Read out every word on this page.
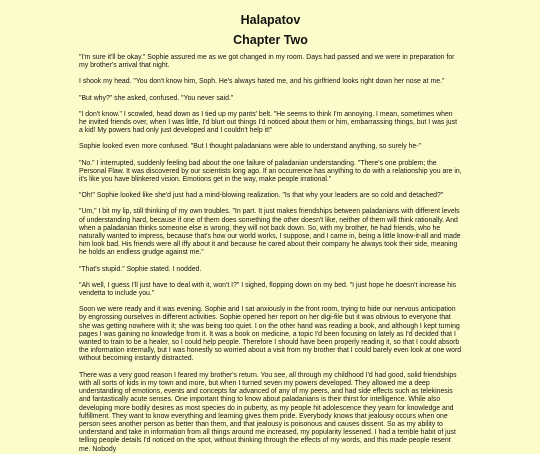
Halapatov
Chapter Two

"I'm sure it'll be okay." Sophie assured me as we got changed in my room. Days had passed and we were in preparation for my brother's arrival that night.

I shook my head. "You don't know him, Soph. He's always hated me, and his girlfriend looks right down her nose at me."

"But why?" she asked, confused. "You never said."

"I don't know." I scowled, head down as I tied up my pants' belt. "He seems to think I'm annoying. I mean, sometimes when he invited friends over, when I was little, I'd blurt out things I'd noticed about them or him, embarrassing things, but I was just a kid! My powers had only just developed and I couldn't help it!"

Sophie looked even more confused. "But I thought paladanians were able to understand anything, so surely he-"

"No." I interrupted, suddenly feeling bad about the one failure of paladanian understanding. "There's one problem; the Personal Flaw. It was discovered by our scientists long ago. If an occurrence has anything to do with a relationship you are in, it's like you have blinkered vision. Emotions get in the way, make people irrational."

"Oh!" Sophie looked like she'd just had a mind-blowing realization. "Is that why your leaders are so cold and detached?"

"Um," I bit my lip, still thinking of my own troubles. "In part. It just makes friendships between paladanians with different levels of understanding hard, because if one of them does something the other doesn't like, neither of them will think rationally. And when a paladanian thinks someone else is wrong, they will not back down. So, with my brother, he had friends, who he naturally wanted to impress, because that's how our world works, I suppose, and I came in, being a little know-it-all and made him look bad. His friends were all iffy about it and because he cared about their company he always took their side, meaning he holds an endless grudge against me."

"That's stupid." Sophie stated. I nodded.

"Ah well, I guess I'll just have to deal with it, won't I?" I sighed, flopping down on my bed. "I just hope he doesn't increase his vendetta to include you."

Soon we were ready and it was evening. Sophie and I sat anxiously in the front room, trying to hide our nervous anticipation by engrossing ourselves in different activities. Sophie opened her report on her digi-file but it was obvious to everyone that she was getting nowhere with it; she was being too quiet. I on the other hand was reading a book, and although I kept turning pages I was gaining no knowledge from it. It was a book on medicine, a topic I'd been focusing on lately as I'd decided that I wanted to train to be a healer, so I could help people. Therefore I should have been properly reading it, so that I could absorb the information internally, but I was honestly so worried about a visit from my brother that I could barely even look at one word without becoming instantly distracted.

There was a very good reason I feared my brother's return. You see, all through my childhood I'd had good, solid friendships with all sorts of kids in my town and more, but when I turned seven my powers developed. They allowed me a deep understanding of emotions, events and concepts far advanced of any of my peers, and had side effects such as telekinesis and fantastically acute senses. One important thing to know about paladanians is their thirst for intelligence. While also developing more bodily desires as most species do in puberty, as my people hit adolescence they yearn for knowledge and fulfillment. They want to know everything and learning gives them pride. Everybody knows that jealousy occurs when one person sees another person as better than them, and that jealousy is poisonous and causes dissent. So as my ability to understand and take in information from all things around me increased, my popularity lessened. I had a terrible habit of just telling people details I'd noticed on the spot, without thinking through the effects of my words, and this made people resent me. Nobody
